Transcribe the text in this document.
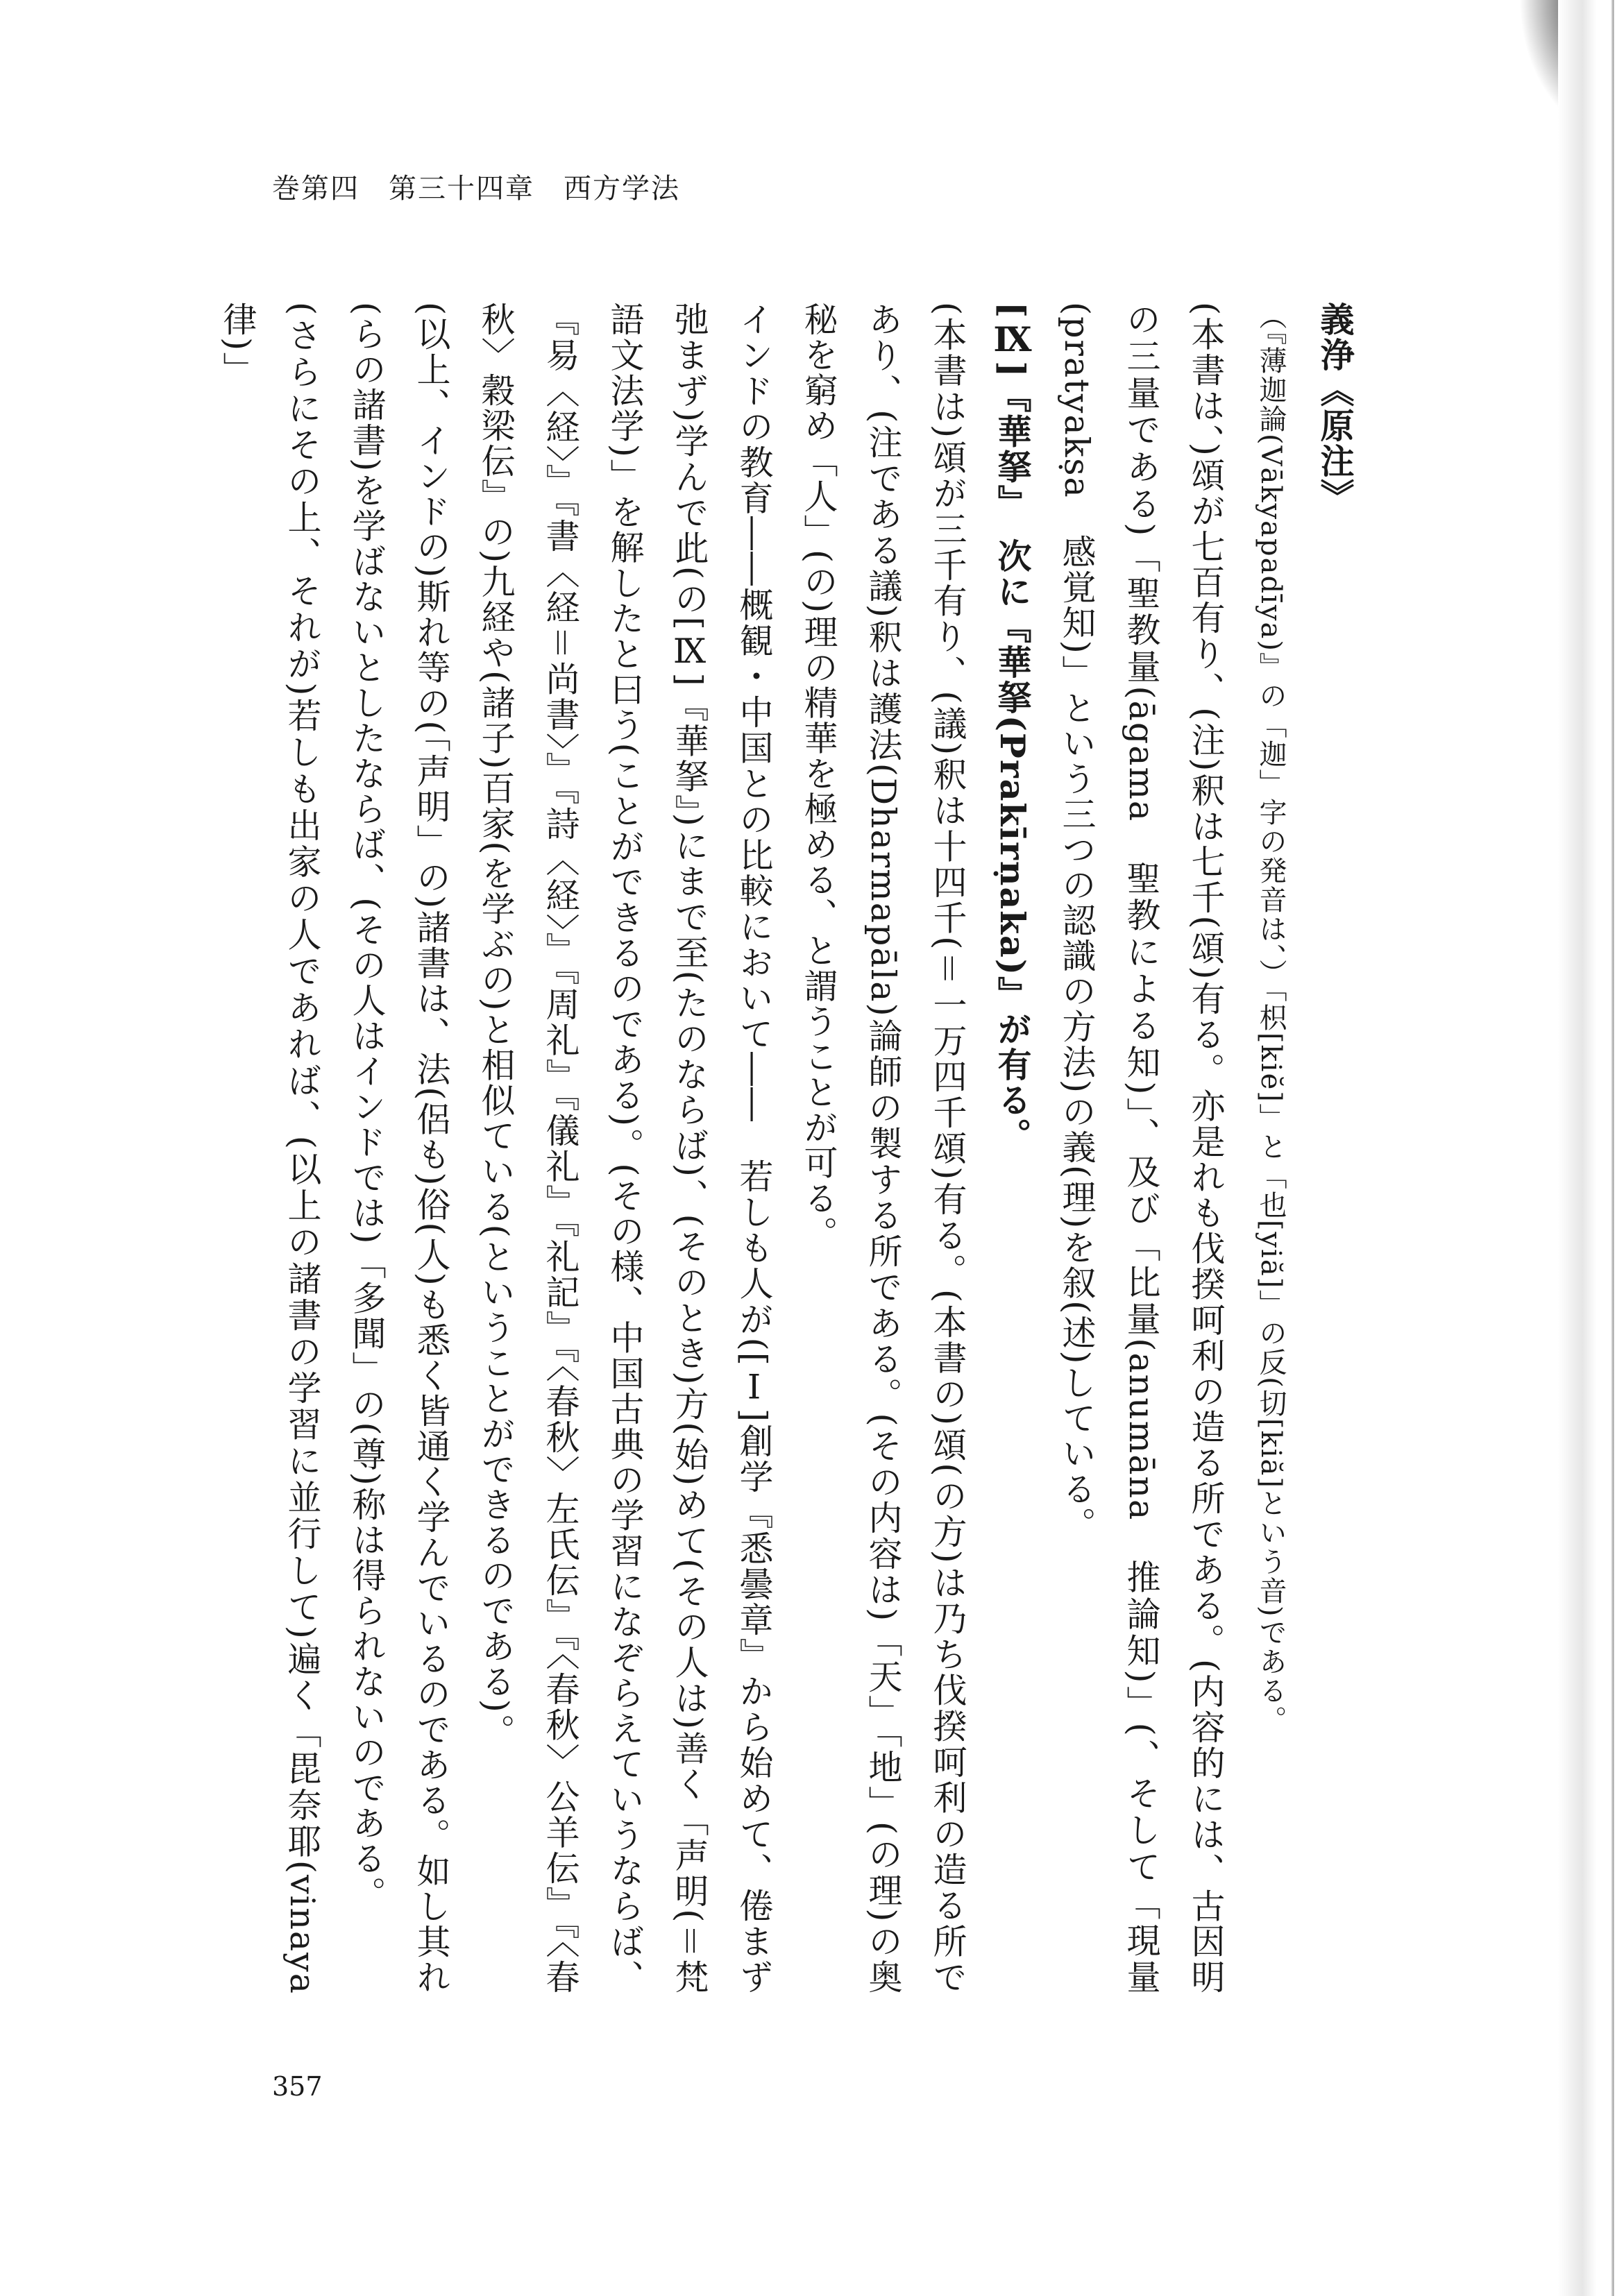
巻第四　第三十四章　西方学法

義浄《原注》

（『薄迦論(Vākyapadīya)』の「迦」字の発音は、）「枳[kiĕ]」と「也[yiă]」の反(切[kiă]という音)である。

(本書は、)頌が七百有り、(注)釈は七千(頌)有る。亦是れも伐揆呵利の造る所である。(内容的には、古因明の三量である)「聖教量(āgama　聖教による知)」、及び「比量(anumāna　推論知)」(、そして「現量(pratyakṣa　感覚知)」という三つの認識の方法)の義(理)を叙(述)している。

[Ⅸ]『華拏』　次に『華拏(Prakīrṇaka)』が有る。

(本書は)頌が三千有り、(議)釈は十四千(＝一万四千頌)有る。(本書の)頌(の方)は乃ち伐揆呵利の造る所であり、(注である議)釈は護法(Dharmapāla)論師の製する所である。(その内容は)「天」「地」(の理)の奥秘を窮め「人」(の)理の精華を極める、と謂うことが可る。

インドの教育――概観・中国との比較において――　若しも人が([Ⅰ]創学『悉曇章』から始めて、倦まず弛まず)学んで此(の[Ⅸ]『華拏』)にまで至(たのならば)、(そのとき)方(始)めて(その人は)善く「声明(＝梵語文法学)」を解したと曰う(ことができるのである)。(その様、中国古典の学習になぞらえていうならば、『易〈経〉』『書〈経＝尚書〉』『詩〈経〉』『周礼』『儀礼』『礼記』『〈春秋〉左氏伝』『〈春秋〉公羊伝』『〈春秋〉穀梁伝』の)九経や(諸子)百家(を学ぶの)と相似ている(ということができるのである)。

(以上、インドの)斯れ等の(「声明」の)諸書は、法(侶も)俗(人)も悉く皆通く学んでいるのである。如し其れ(らの諸書)を学ばないとしたならば、(その人はインドでは)「多聞」の(尊)称は得られないのである。

(さらにその上、それが)若しも出家の人であれば、(以上の諸書の学習に並行して)遍く「毘奈耶(vinaya　律)」

357
